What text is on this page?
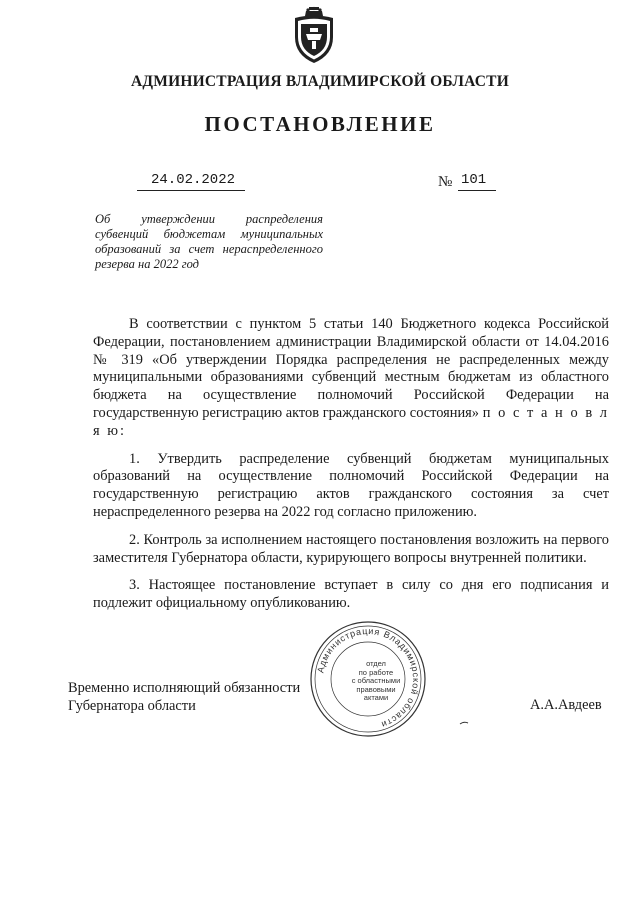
АДМИНИСТРАЦИЯ ВЛАДИМИРСКОЙ ОБЛАСТИ
ПОСТАНОВЛЕНИЕ
24.02.2022	№ 101
Об утверждении распределения
субвенций бюджетам муниципальных
образований за счет нераспределенного
резерва на 2022 год

В соответствии с пунктом 5 статьи 140 Бюджетного кодекса Российской Федерации, постановлением администрации Владимирской области от 14.04.2016 № 319 «Об утверждении Порядка распределения не распределенных между муниципальными образованиями субвенций местным бюджетам из областного бюджета на осуществление полномочий Российской Федерации на государственную регистрацию актов гражданского состояния» п о с т а н о в л я ю:

1. Утвердить распределение субвенций бюджетам муниципальных образований на осуществление полномочий Российской Федерации на государственную регистрацию актов гражданского состояния за счет нераспределенного резерва на 2022 год согласно приложению.

2. Контроль за исполнением настоящего постановления возложить на первого заместителя Губернатора области, курирующего вопросы внутренней политики.

3. Настоящее постановление вступает в силу со дня его подписания и подлежит официальному опубликованию.

Временно исполняющий обязанности
Губернатора области	А.А.Авдеев
Администрация Владимирской области
отдел
по работе
с областными
правовыми
актами
